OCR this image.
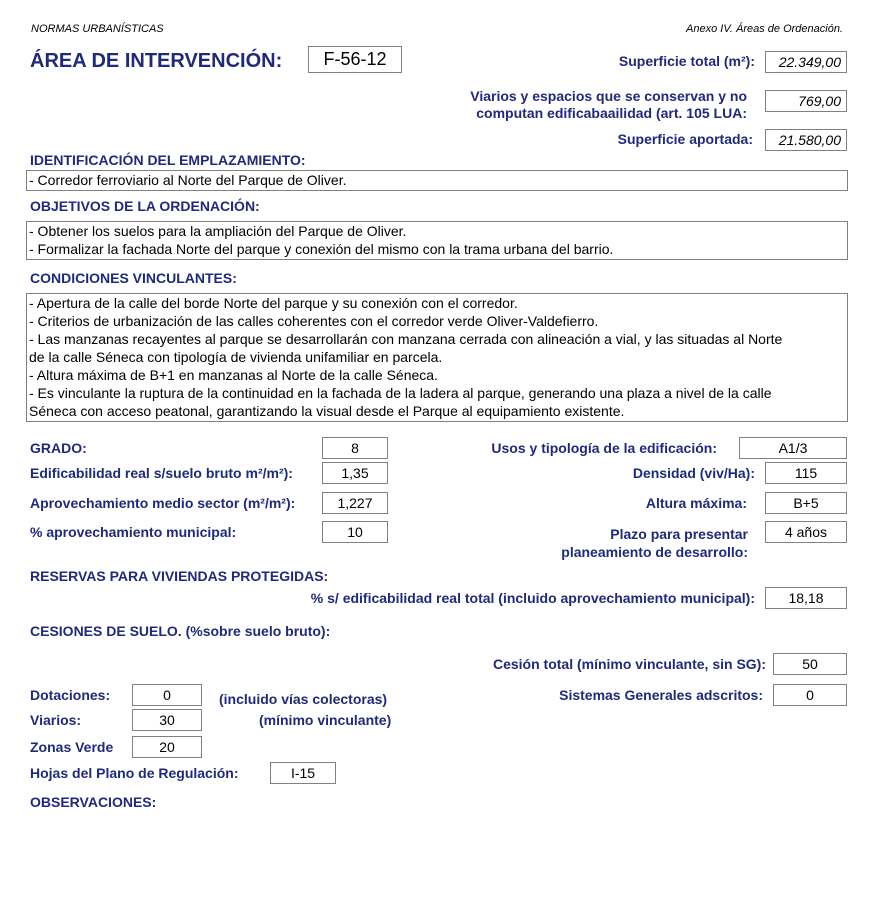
NORMAS URBANÍSTICAS	Anexo IV. Áreas de Ordenación.
ÁREA DE INTERVENCIÓN:	F-56-12	Superficie total (m²):	22.349,00
Viarios y espacios que se conservan y no
computan edificabaailidad (art. 105 LUA:
769,00
Superficie aportada:	21.580,00
IDENTIFICACIÓN DEL EMPLAZAMIENTO:
- Corredor ferroviario al Norte del Parque de Oliver.
OBJETIVOS DE LA ORDENACIÓN:
- Obtener los suelos para la ampliación del Parque de Oliver.
- Formalizar la fachada Norte del parque y conexión del mismo con la trama urbana del barrio.
CONDICIONES VINCULANTES:
- Apertura de la calle del borde Norte del parque y su conexión con el corredor.
- Criterios de urbanización de las calles coherentes con el corredor verde Oliver-Valdefierro.
- Las manzanas recayentes al parque se desarrollarán con manzana cerrada con alineación a vial, y las situadas al Norte
de la calle Séneca con tipología de vivienda unifamiliar en parcela.
- Altura máxima de B+1 en manzanas al Norte de la calle Séneca.
- Es vinculante la ruptura de la continuidad en la fachada de la ladera al parque, generando una plaza a nivel de la calle
Séneca con acceso peatonal, garantizando la visual desde el Parque al equipamiento existente.
GRADO:	8
Edificabilidad real s/suelo bruto m²/m²):	1,35
Aprovechamiento medio sector (m²/m²):	1,227
% aprovechamiento municipal:	10
Usos y tipología de la edificación:	A1/3
Densidad (viv/Ha):	115
Altura máxima:	B+5
Plazo para presentar
planeamiento de desarrollo:
4 años
RESERVAS PARA VIVIENDAS PROTEGIDAS:
% s/ edificabilidad real total (incluido aprovechamiento municipal):	18,18
CESIONES DE SUELO. (%sobre suelo bruto):
Cesión total (mínimo vinculante, sin SG):	50
Sistemas Generales adscritos:	0
Dotaciones:	0	(incluido vías colectoras)
Viarios:	30	(mínimo vinculante)
Zonas Verde	20
Hojas del Plano de Regulación:	I-15
OBSERVACIONES:
